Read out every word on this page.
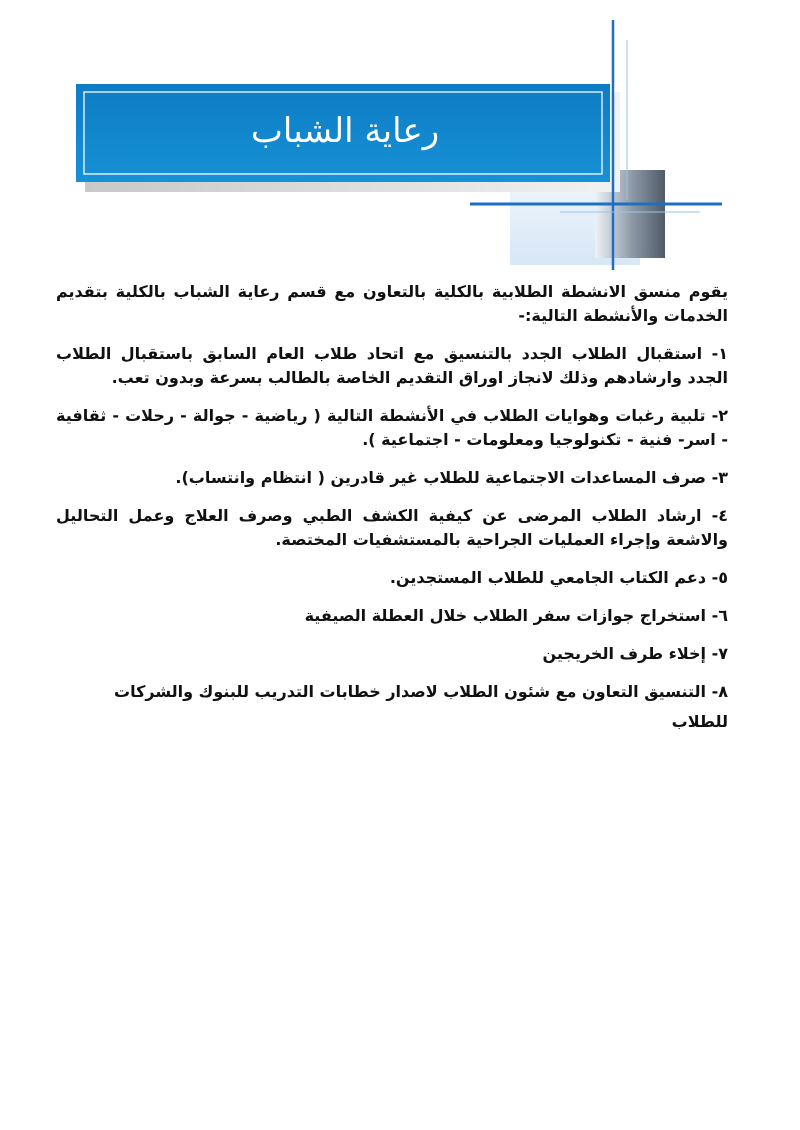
رعاية الشباب

يقوم منسق الانشطة الطلابية بالكلية بالتعاون مع قسم رعاية الشباب بالكلية بتقديم الخدمات والأنشطة التالية:-

١- استقبال الطلاب الجدد بالتنسيق مع اتحاد طلاب العام السابق باستقبال الطلاب الجدد وارشادهم وذلك لانجاز اوراق التقديم الخاصة بالطالب بسرعة وبدون تعب.

٢- تلبية رغبات وهوايات الطلاب في الأنشطة التالية ( رياضية - جوالة - رحلات - ثقافية - اسر- فنية - تكنولوجيا ومعلومات - اجتماعية ).

٣- صرف المساعدات الاجتماعية للطلاب غير قادرين ( انتظام وانتساب).

٤- ارشاد الطلاب المرضى عن كيفية الكشف الطبي وصرف العلاج وعمل التحاليل والاشعة وإجراء العمليات الجراحية بالمستشفيات المختصة.

٥- دعم الكتاب الجامعي للطلاب المستجدين.

٦- استخراج جوازات سفر الطلاب خلال العطلة الصيفية

٧- إخلاء طرف الخريجين

٨- التنسيق التعاون مع شئون الطلاب لاصدار خطابات التدريب للبنوك والشركات

للطلاب
